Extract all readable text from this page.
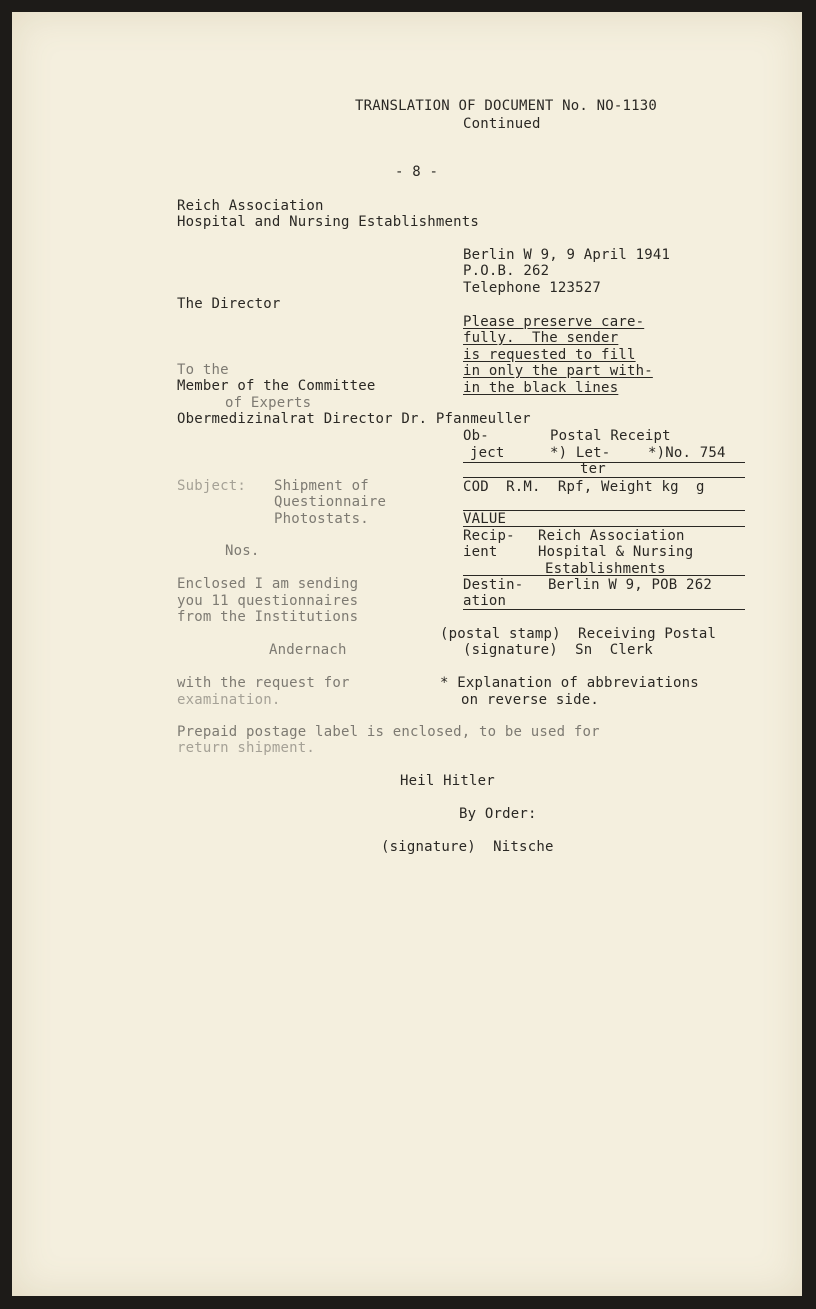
TRANSLATION OF DOCUMENT No. NO-1130
Continued
- 8 -
Reich Association
Hospital and Nursing Establishments
Berlin W 9, 9 April 1941
P.O.B. 262
Telephone 123527
The Director
Please preserve care-
fully.  The sender
is requested to fill
in only the part with-
in the black lines
To the
Member of the Committee
of Experts
Obermedizinalrat Director Dr. Pfanmeuller
Ob-	Postal Receipt
ject	*) Let-	*)No. 754
ter
COD  R.M.  Rpf, Weight kg  g
VALUE
Recip- Reich Association
ient	Hospital & Nursing
Establishments
Destin- Berlin W 9, POB 262
ation
(postal stamp)  Receiving Postal
(signature)  Sn  Clerk
* Explanation of abbreviations
on reverse side.
Subject: Shipment of
Questionnaire
Photostats.
Nos.
Enclosed I am sending
you 11 questionnaires
from the Institutions
Andernach
with the request for
examination.
Prepaid postage label is enclosed, to be used for
return shipment.
Heil Hitler
By Order:
(signature)  Nitsche
